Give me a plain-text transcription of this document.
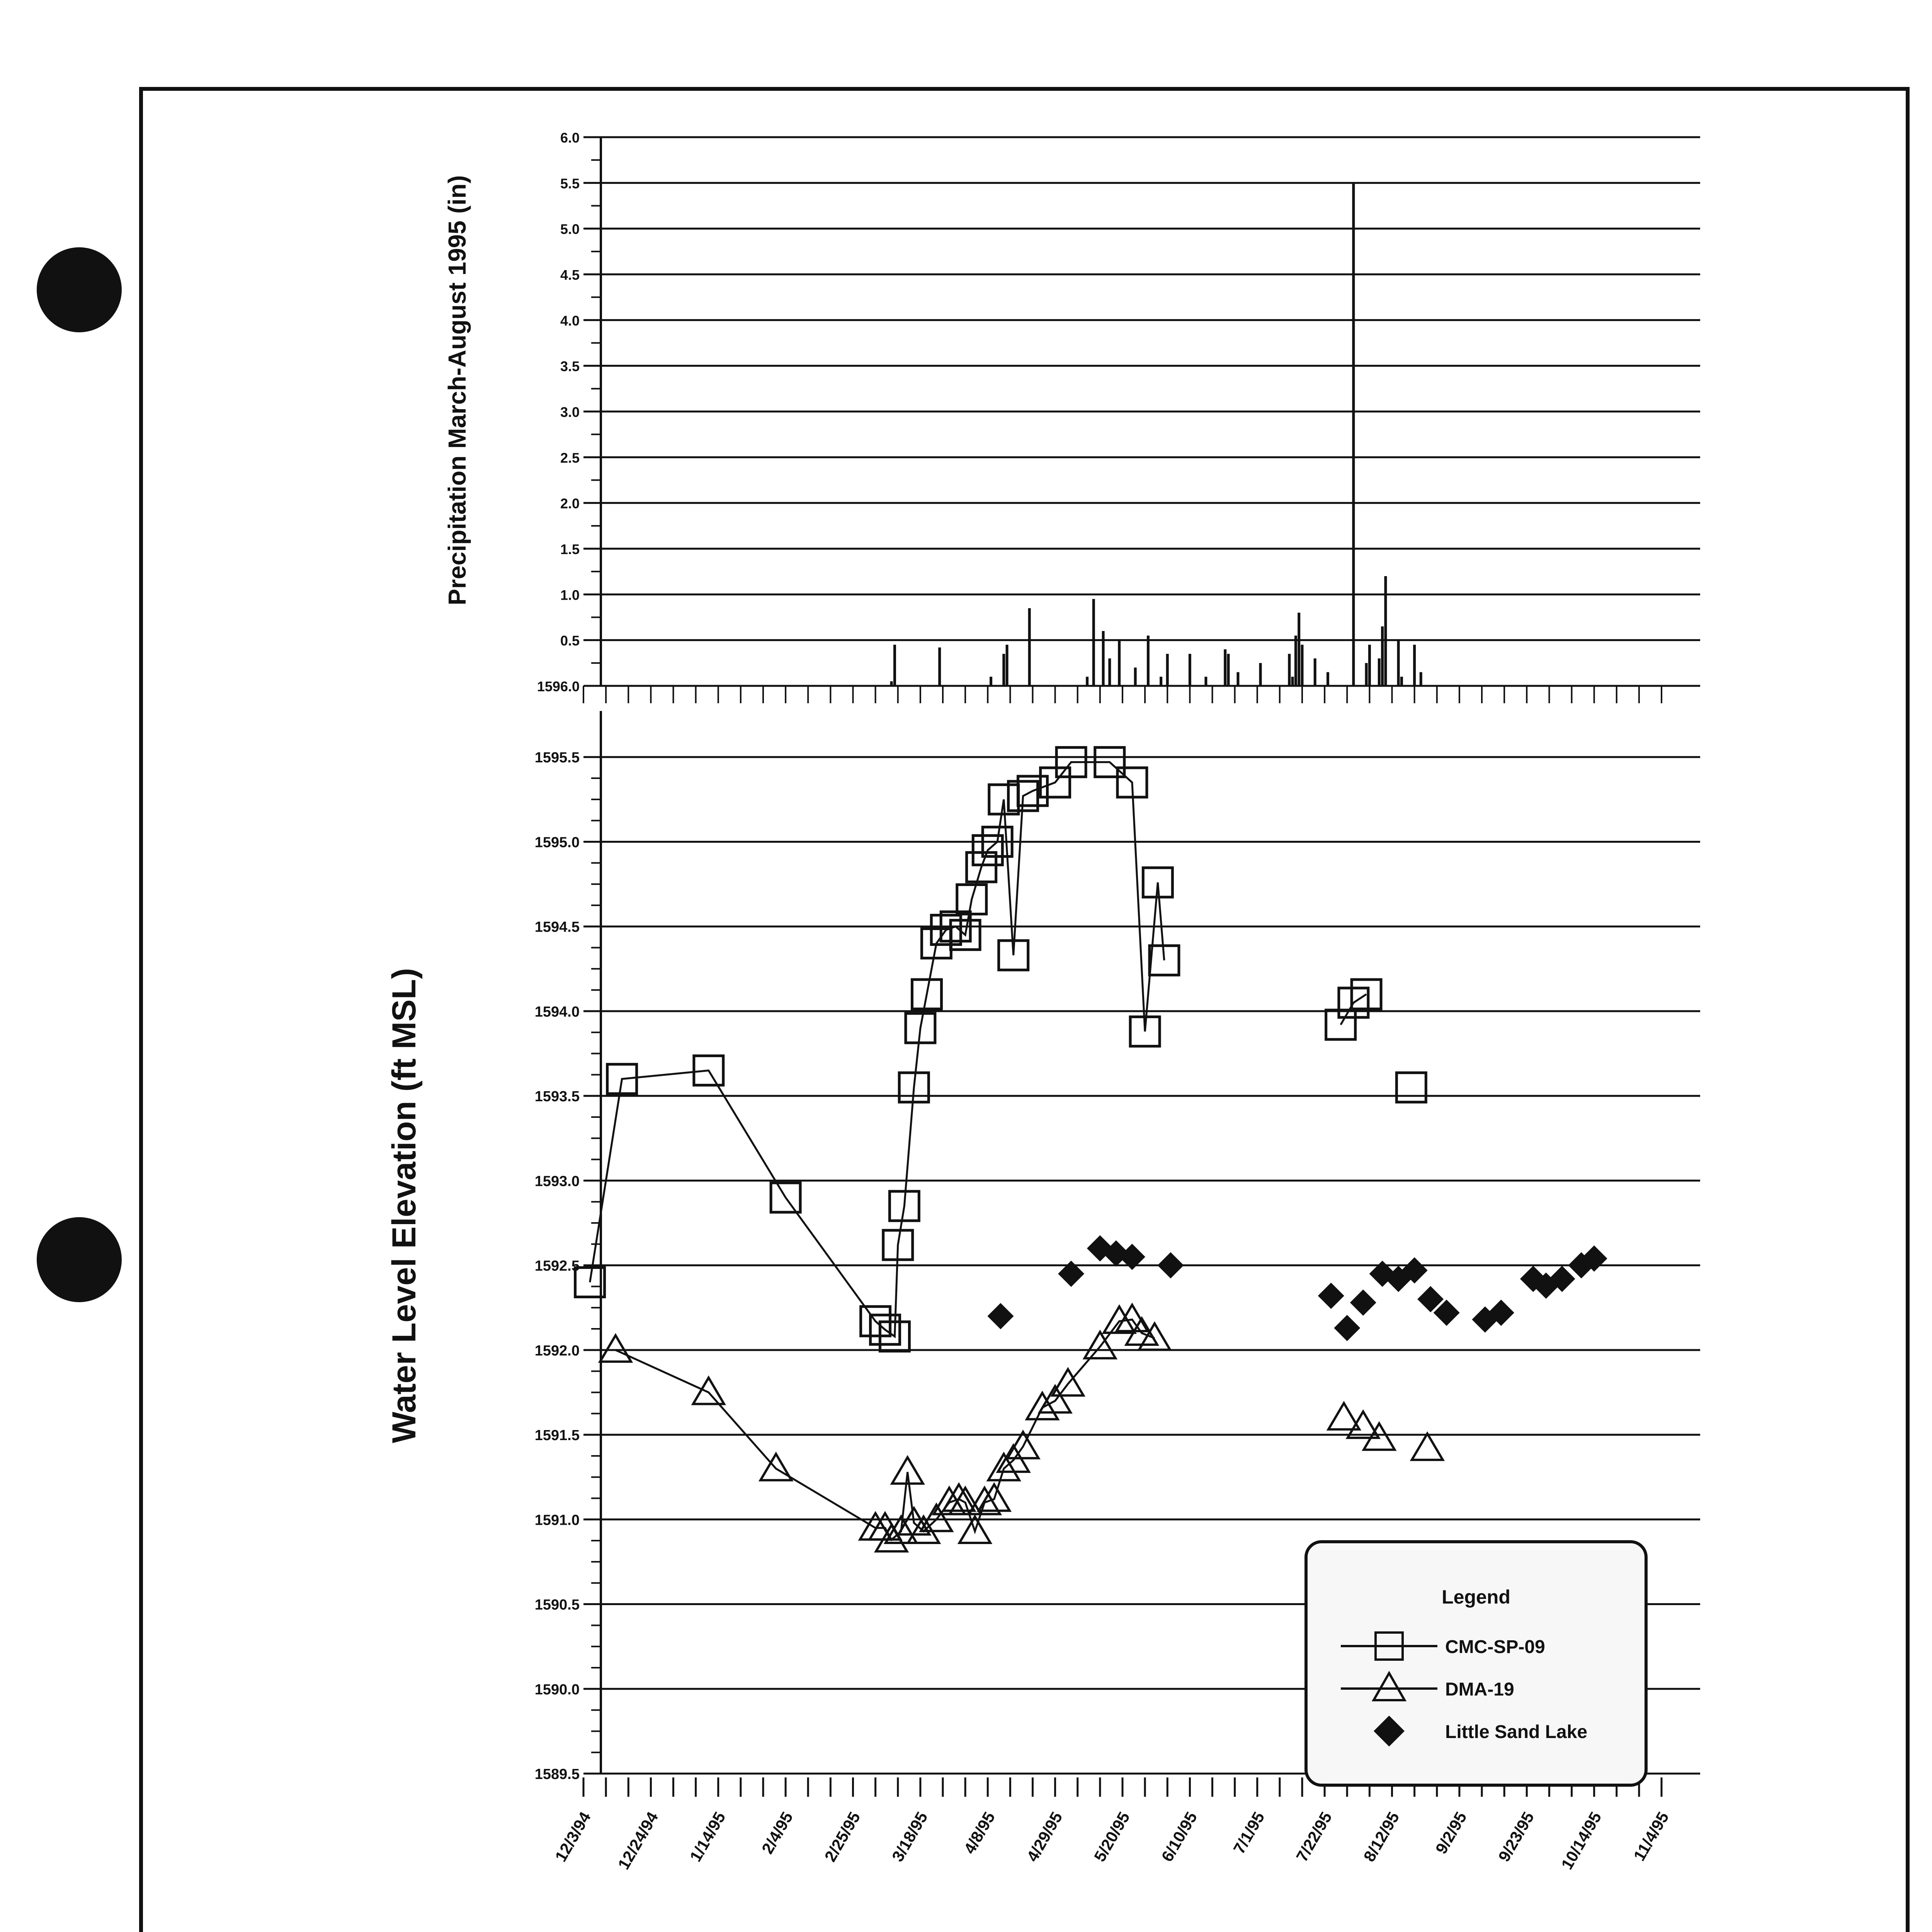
6.0
5.5
5.0
4.5
4.0
3.5
3.0
2.5
2.0
1.5
1.0
0.5
1596.0
1595.5
1595.0
1594.5
1594.0
1593.5
1593.0
1592.5
1592.0
1591.5
1591.0
1590.5
1590.0
1589.5
12/3/94 12/24/94 1/14/95 2/4/95 2/25/95 3/18/95 4/8/95 4/29/95 5/20/95 6/10/95 7/1/95 7/22/95 8/12/95 9/2/95 9/23/95 10/14/95 11/4/95
Precipitation March-August 1995 (in)
Water Level Elevation (ft MSL)
Legend
CMC-SP-09
DMA-19
Little Sand Lake
